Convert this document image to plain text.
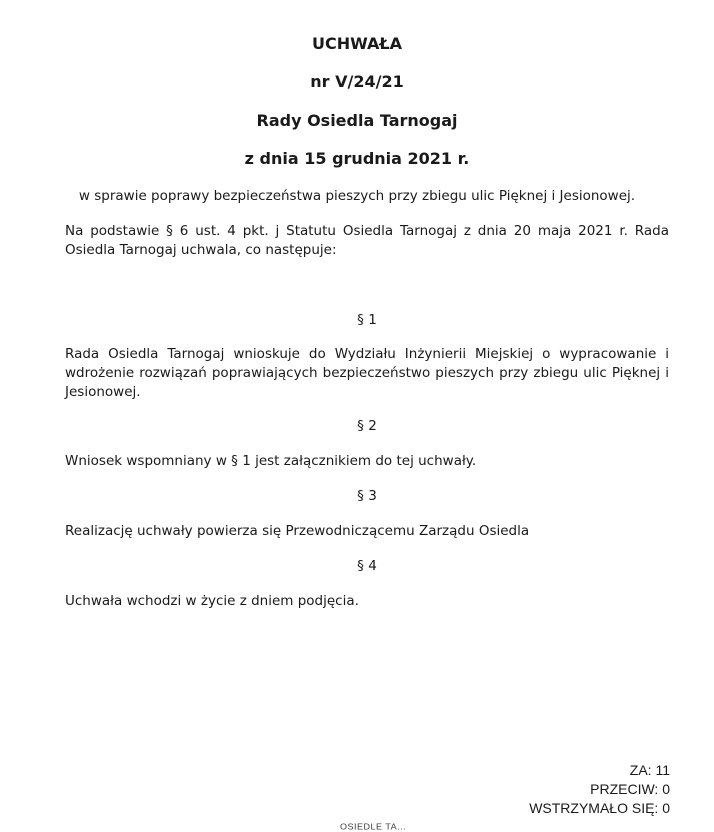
UCHWAŁA
nr V/24/21
Rady Osiedla Tarnogaj
z dnia 15 grudnia 2021 r.
w sprawie poprawy bezpieczeństwa pieszych przy zbiegu ulic Pięknej i Jesionowej.

Na podstawie § 6 ust. 4 pkt. j Statutu Osiedla Tarnogaj z dnia 20 maja 2021 r. Rada Osiedla Tarnogaj uchwala, co następuje:

§ 1

Rada Osiedla Tarnogaj wnioskuje do Wydziału Inżynierii Miejskiej o wypracowanie i wdrożenie rozwiązań poprawiających bezpieczeństwo pieszych przy zbiegu ulic Pięknej i Jesionowej.

§ 2

Wniosek wspomniany w § 1 jest załącznikiem do tej uchwały.

§ 3

Realizację uchwały powierza się Przewodniczącemu Zarządu Osiedla

§ 4

Uchwała wchodzi w życie z dniem podjęcia.

ZA: 11
PRZECIW: 0
WSTRZYMAŁO SIĘ: 0
OSIEDLE TA...
